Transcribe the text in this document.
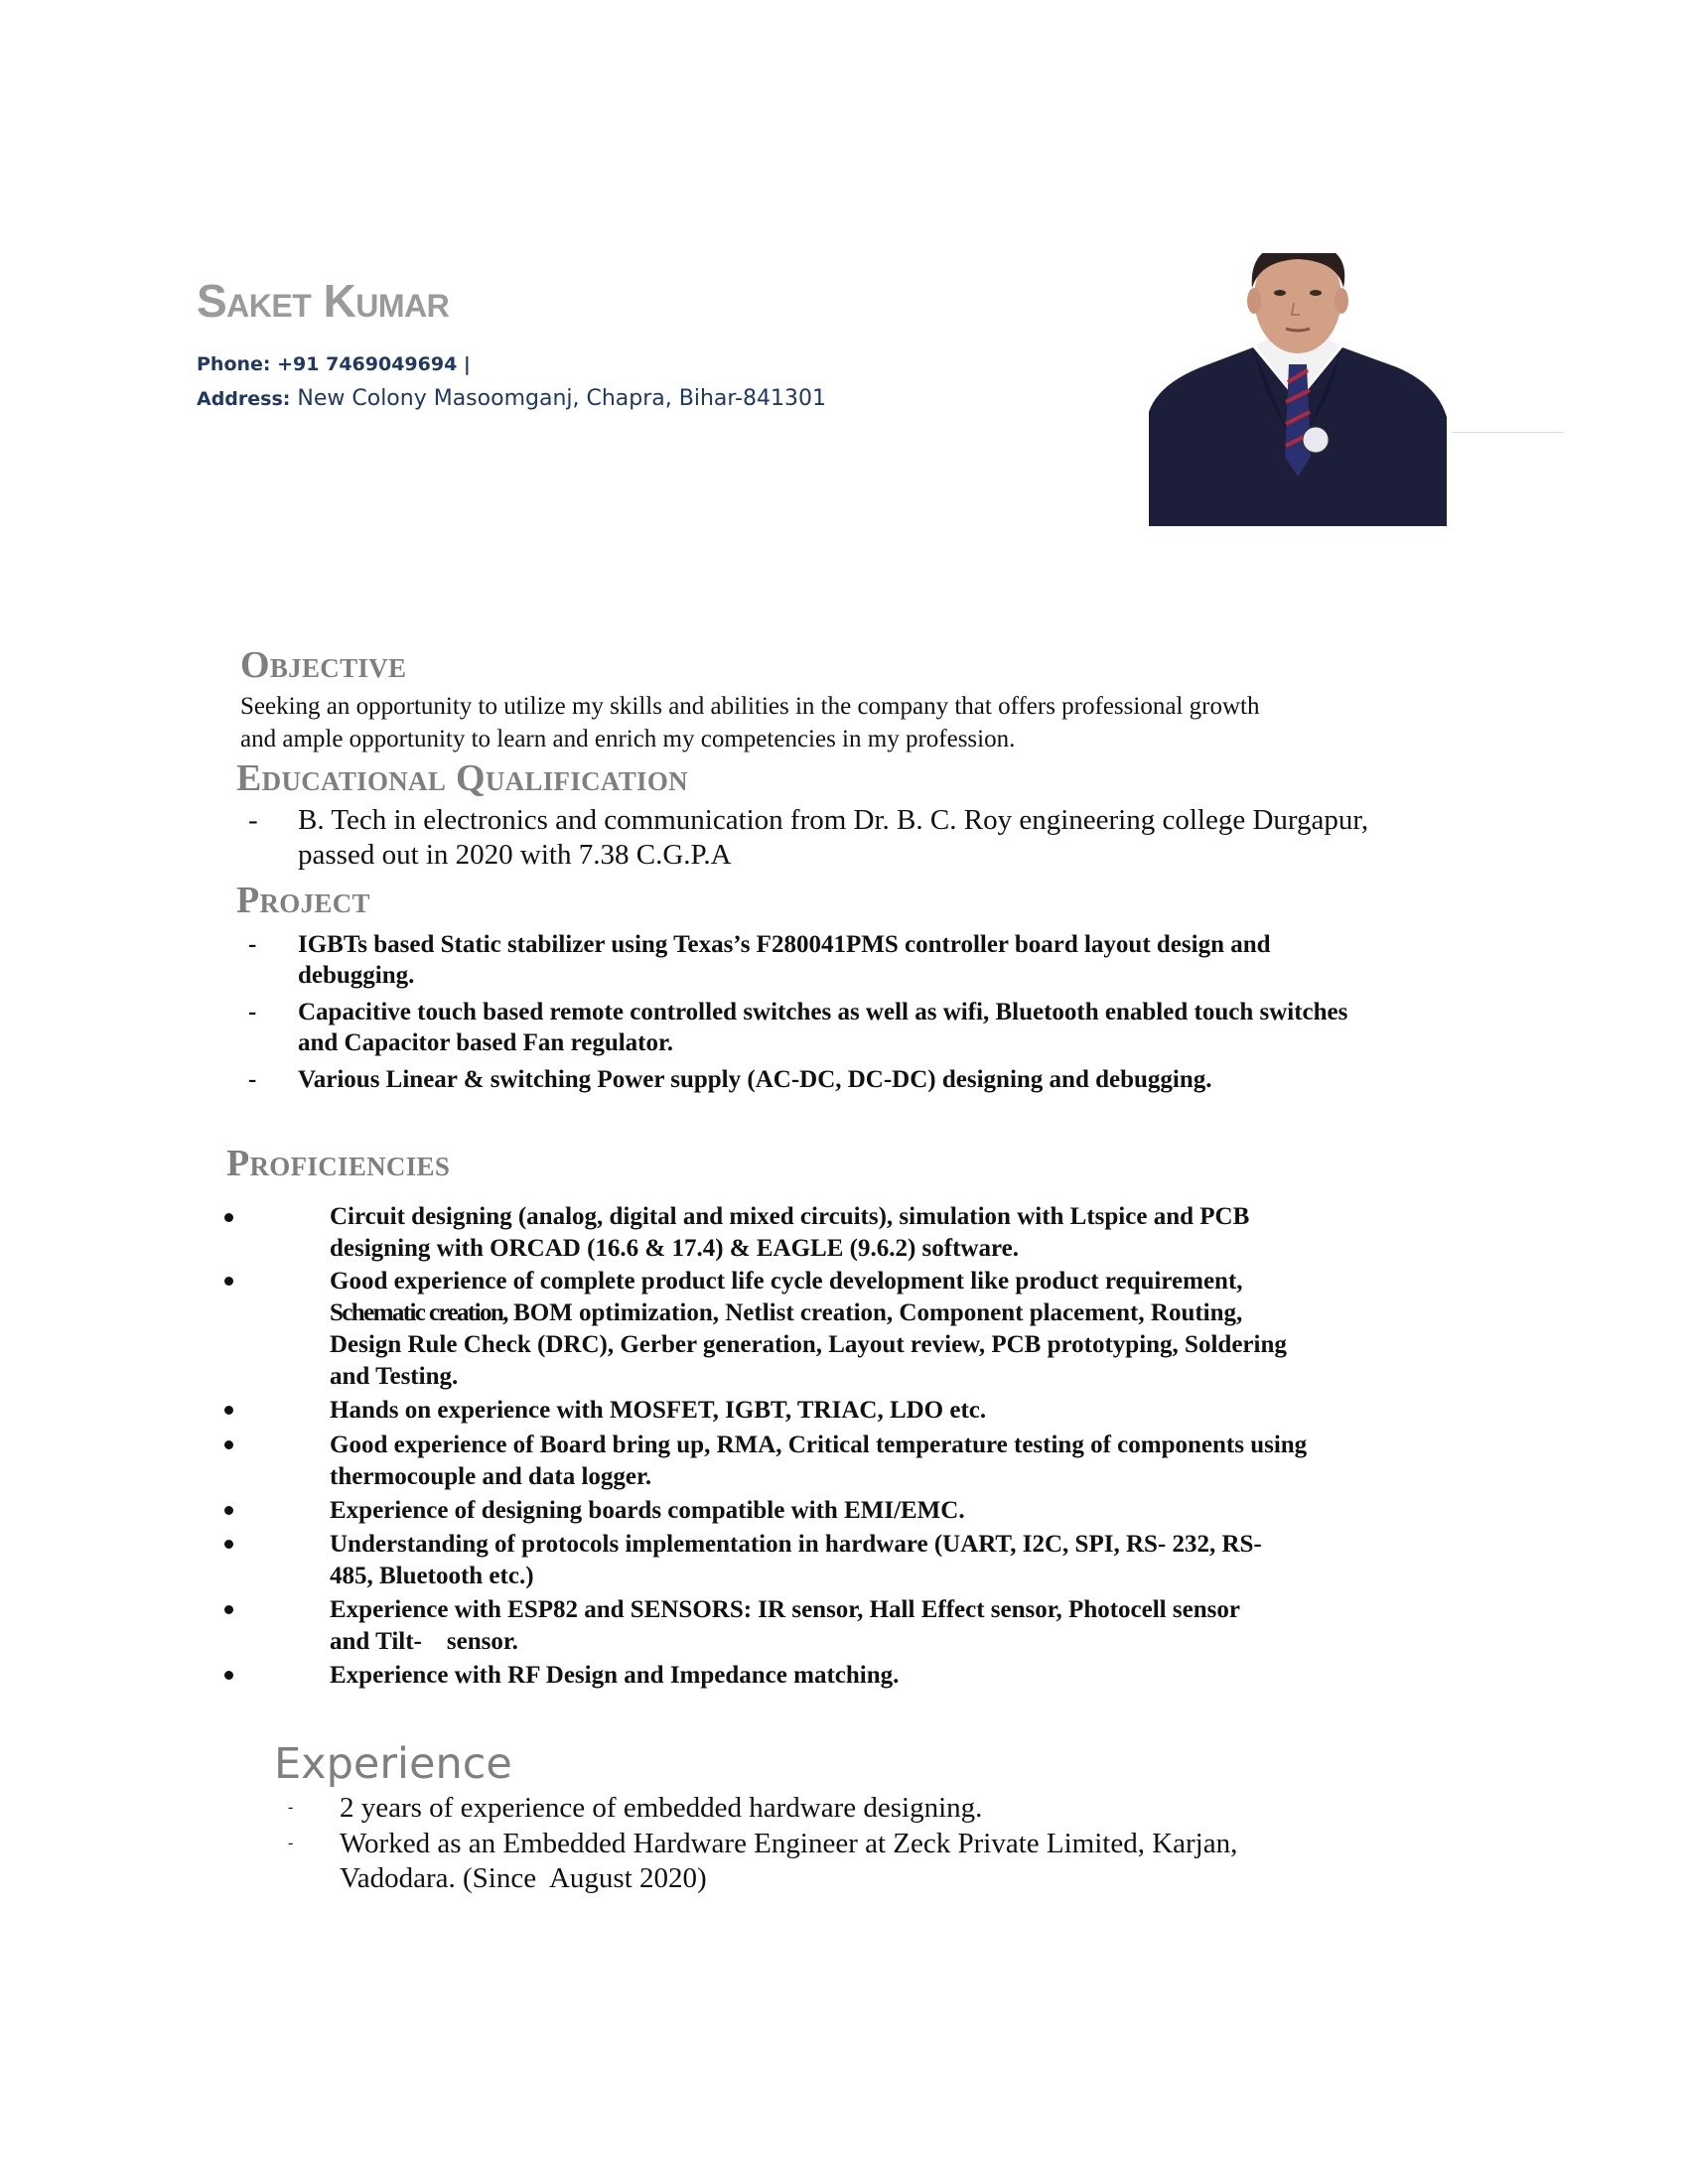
Saket Kumar
Phone: +91 7469049694 |
Address: New Colony Masoomganj, Chapra, Bihar-841301
Objective
Seeking an opportunity to utilize my skills and abilities in the company that offers professional growth
and ample opportunity to learn and enrich my competencies in my profession.
Educational Qualification
- B. Tech in electronics and communication from Dr. B. C. Roy engineering college Durgapur,
passed out in 2020 with 7.38 C.G.P.A
Project
- IGBTs based Static stabilizer using Texas’s F280041PMS controller board layout design and
debugging.
- Capacitive touch based remote controlled switches as well as wifi, Bluetooth enabled touch switches
and Capacitor based Fan regulator.
- Various Linear & switching Power supply (AC-DC, DC-DC) designing and debugging.
Proficiencies
Circuit designing (analog, digital and mixed circuits), simulation with Ltspice and PCB
designing with ORCAD (16.6 & 17.4) & EAGLE (9.6.2) software.
Good experience of complete product life cycle development like product requirement,
Schematic creation, BOM optimization, Netlist creation, Component placement, Routing,
Design Rule Check (DRC), Gerber generation, Layout review, PCB prototyping, Soldering
and Testing.
Hands on experience with MOSFET, IGBT, TRIAC, LDO etc.
Good experience of Board bring up, RMA, Critical temperature testing of components using
thermocouple and data logger.
Experience of designing boards compatible with EMI/EMC.
Understanding of protocols implementation in hardware (UART, I2C, SPI, RS- 232, RS-
485, Bluetooth etc.)
Experience with ESP82 and SENSORS: IR sensor, Hall Effect sensor, Photocell sensor
and Tilt-    sensor.
Experience with RF Design and Impedance matching.
Experience
- 2 years of experience of embedded hardware designing.
- Worked as an Embedded Hardware Engineer at Zeck Private Limited, Karjan,
Vadodara. (Since  August 2020)
